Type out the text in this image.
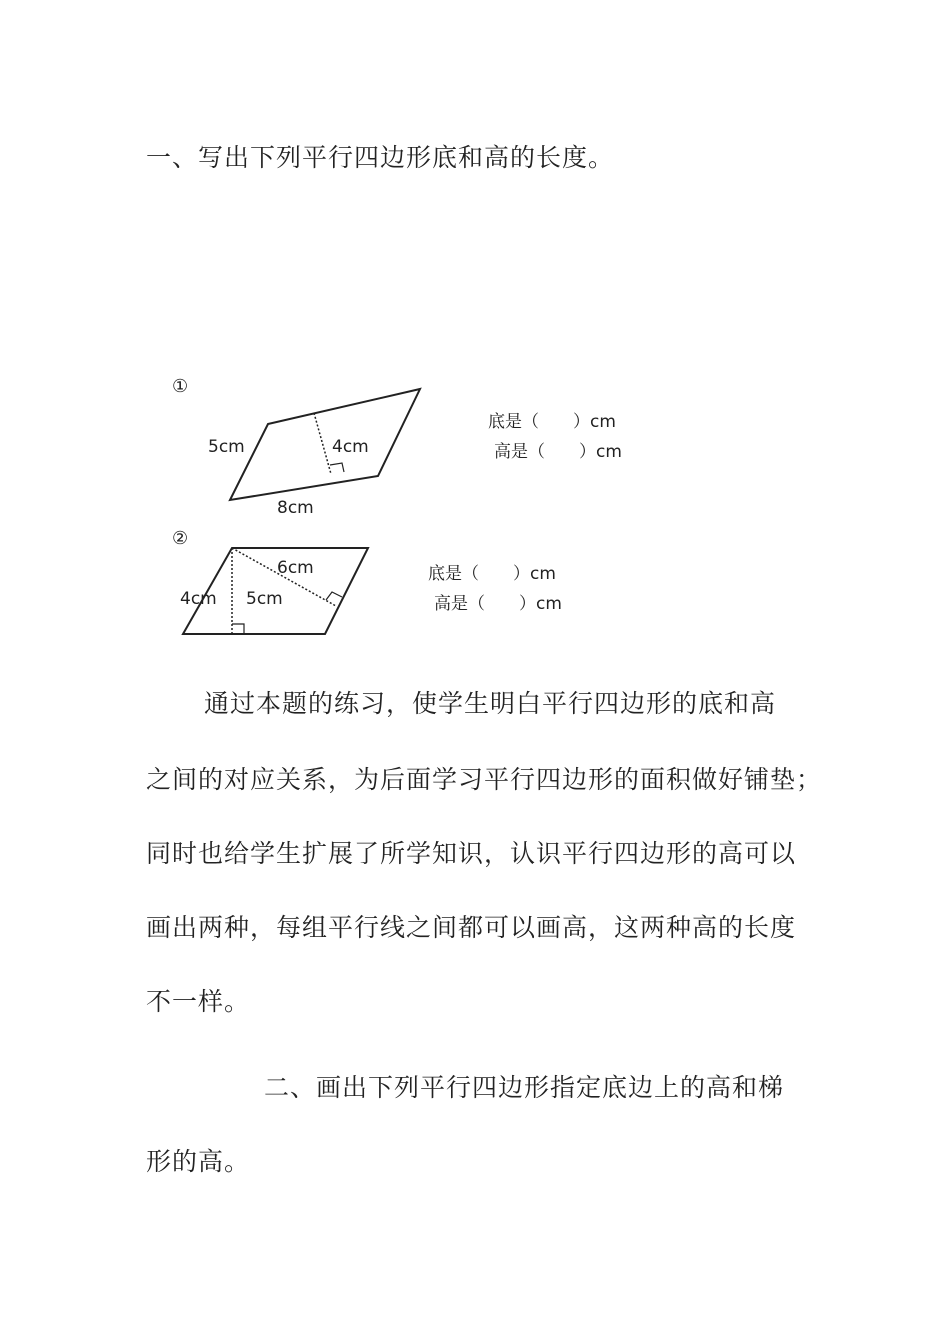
一、写出下列平行四边形底和高的长度。
①
5cm	4cm
8cm
底是（　　）cm
高是（　　）cm
②
6cm
4cm 5cm
底是（　　）cm
高是（　　）cm
通过本题的练习，使学生明白平行四边形的底和高
之间的对应关系，为后面学习平行四边形的面积做好铺垫；
同时也给学生扩展了所学知识，认识平行四边形的高可以
画出两种，每组平行线之间都可以画高，这两种高的长度
不一样。
二、画出下列平行四边形指定底边上的高和梯
形的高。
